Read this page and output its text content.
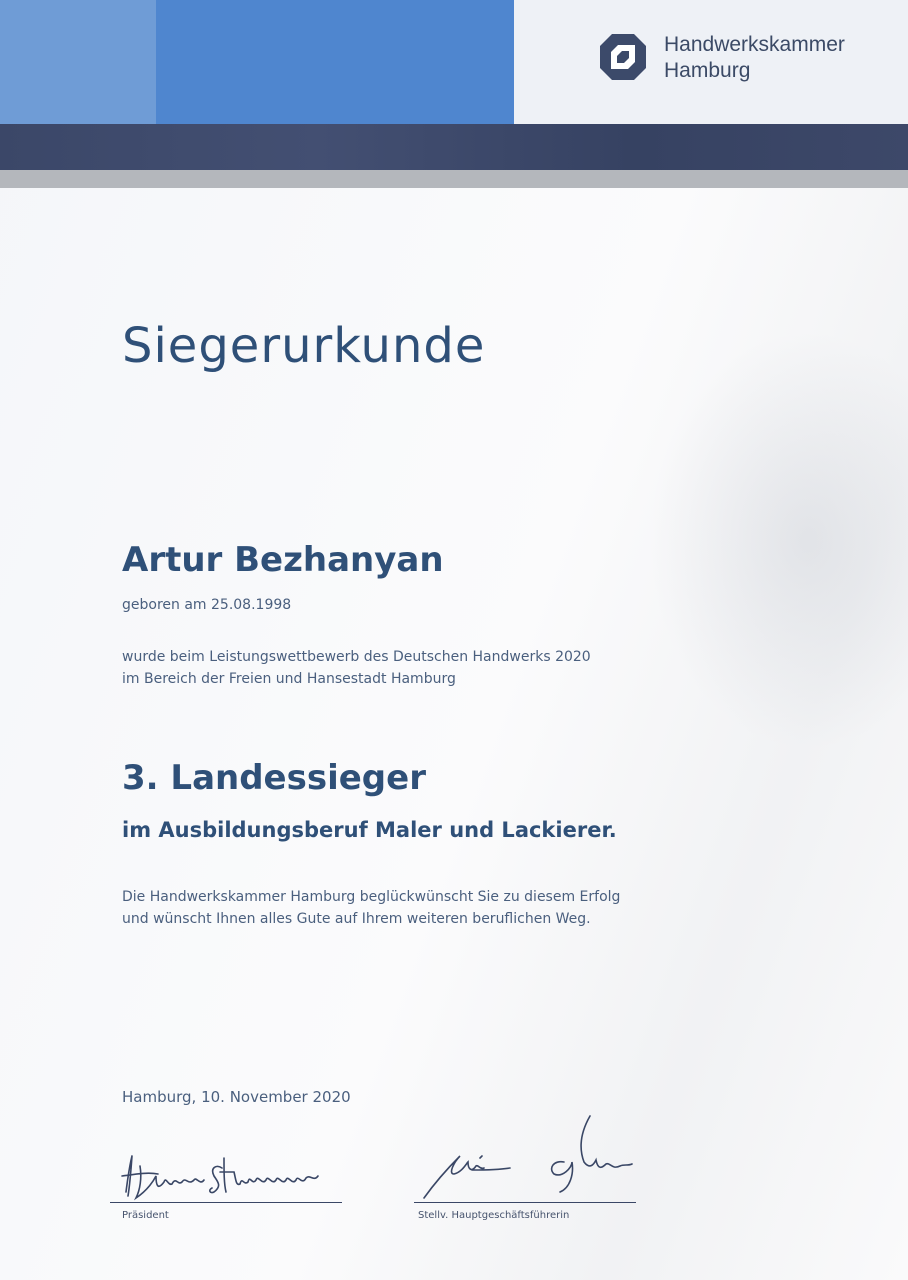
Handwerkskammer
Hamburg
Siegerurkunde
Artur Bezhanyan
geboren am 25.08.1998
wurde beim Leistungswettbewerb des Deutschen Handwerks 2020
im Bereich der Freien und Hansestadt Hamburg
3. Landessieger
im Ausbildungsberuf Maler und Lackierer.
Die Handwerkskammer Hamburg beglückwünscht Sie zu diesem Erfolg
und wünscht Ihnen alles Gute auf Ihrem weiteren beruflichen Weg.
Hamburg, 10. November 2020
Präsident	Stellv. Hauptgeschäftsführerin
